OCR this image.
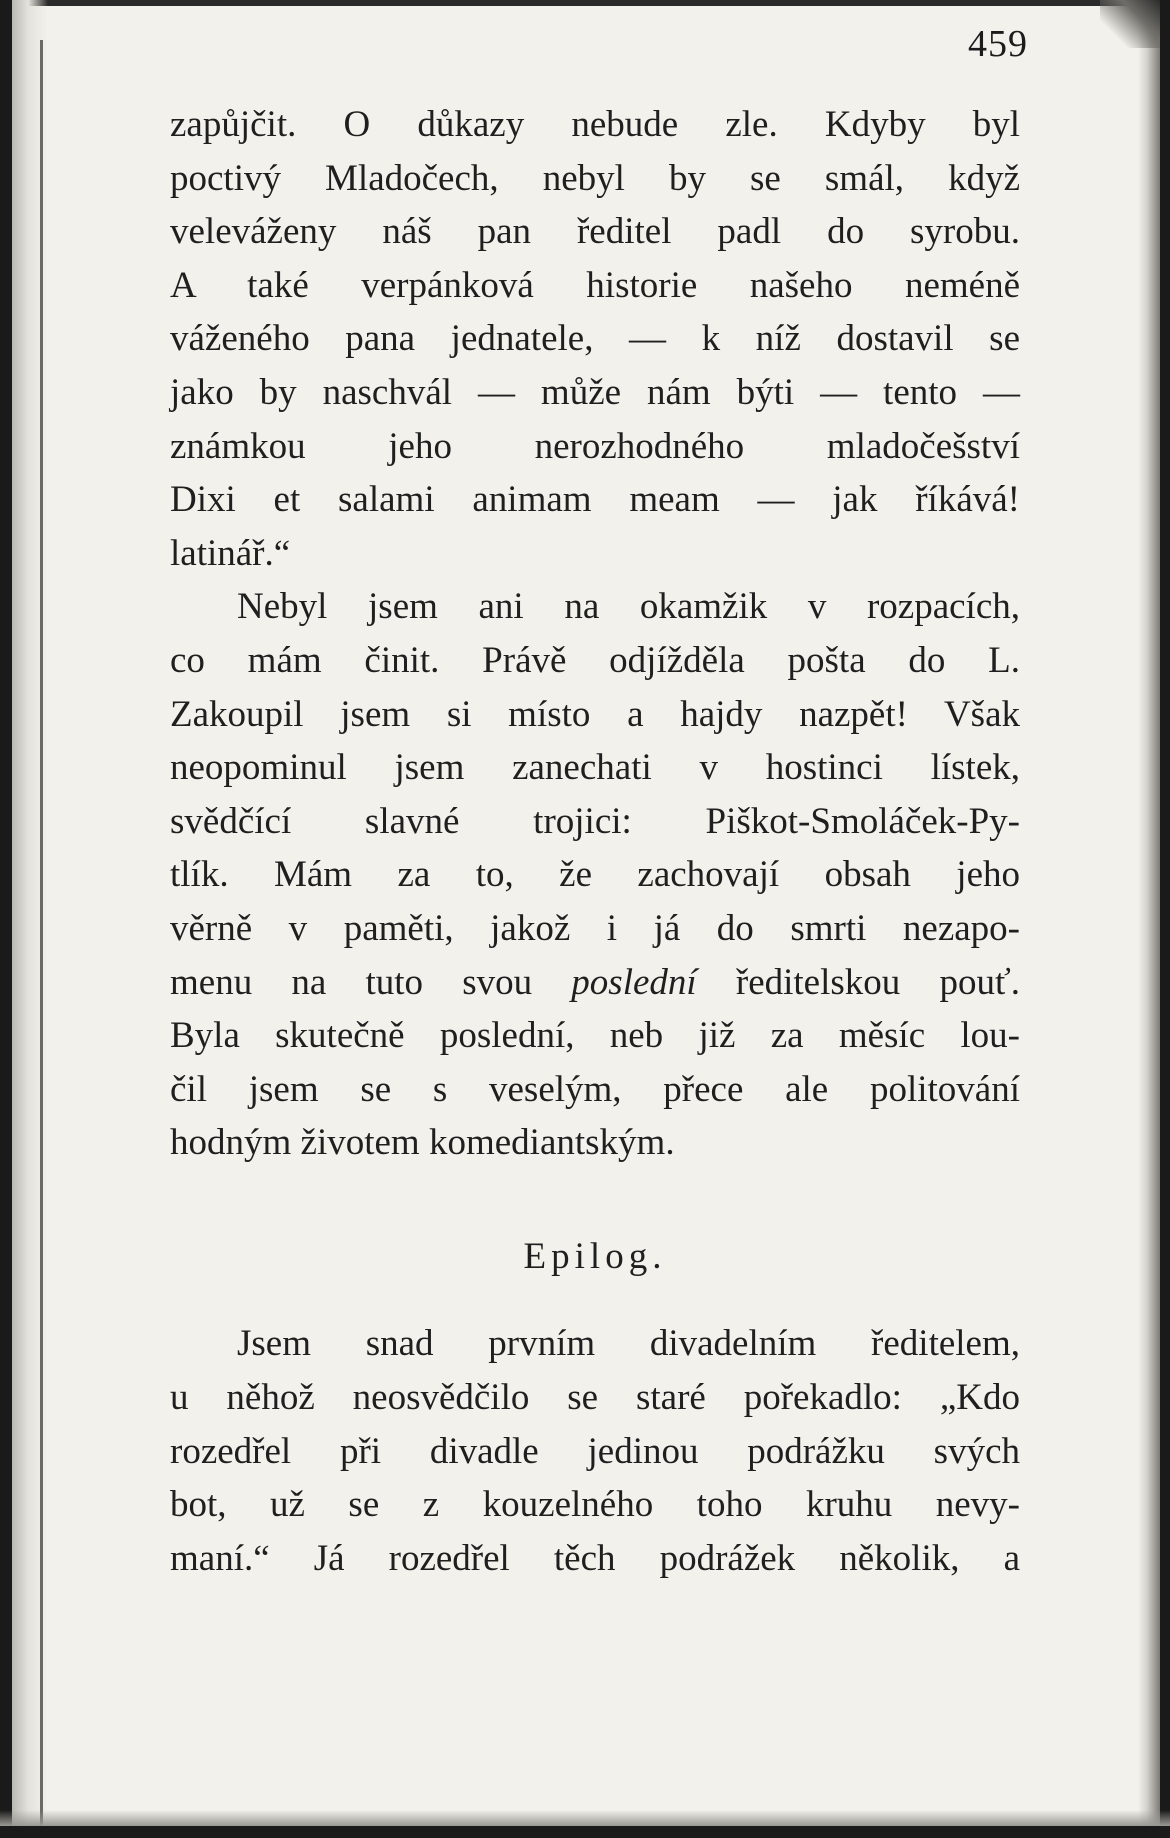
459

zapůjčit. O důkazy nebude zle. Kdyby byl

poctivý Mladočech, nebyl by se smál, když

veleváženy náš pan ředitel padl do syrobu.

A také verpánková historie našeho neméně

váženého pana jednatele, — k níž dostavil se

jako by naschvál — může nám býti — tento —

známkou jeho nerozhodného mladočešství

Dixi et salami animam meam — jak říkává!

latinář.“

Nebyl jsem ani na okamžik v rozpacích,

co mám činit. Právě odjížděla pošta do L.

Zakoupil jsem si místo a hajdy nazpět! Však

neopominul jsem zanechati v hostinci lístek,

svědčící slavné trojici: Piškot-Smoláček-Py-

tlík. Mám za to, že zachovají obsah jeho

věrně v paměti, jakož i já do smrti nezapo-

menu na tuto svou poslední ředitelskou pouť.

Byla skutečně poslední, neb již za měsíc lou-

čil jsem se s veselým, přece ale politování

hodným životem komediantským.

Epilog.

Jsem snad prvním divadelním ředitelem,

u něhož neosvědčilo se staré pořekadlo: „Kdo

rozedřel při divadle jedinou podrážku svých

bot, už se z kouzelného toho kruhu nevy-

maní.“ Já rozedřel těch podrážek několik, a
